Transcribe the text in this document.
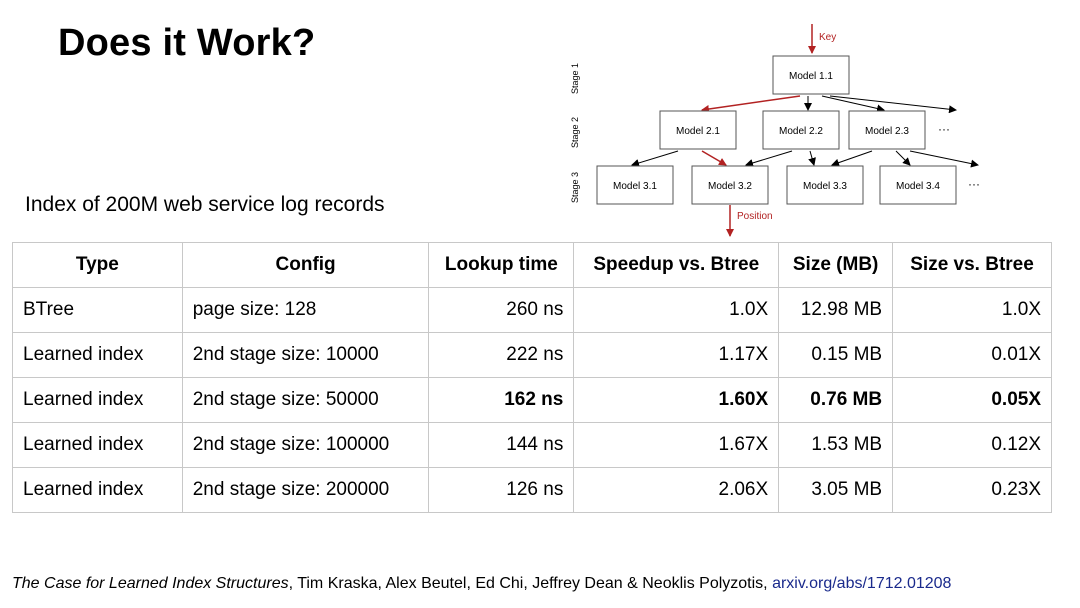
Does it Work?
Stage 1
Stage 2
Stage 3
Key
Model 1.1
Model 2.1	Model 2.2	Model 2.3 ···
Model 3.1	Model 3.2	Model 3.3	Model 3.4 ···
Position

Index of 200M web service log records

Type	Config	Lookup time	Speedup vs. Btree	Size (MB)	Size vs. Btree
BTree	page size: 128	260 ns	1.0X	12.98 MB	1.0X
Learned index	2nd stage size: 10000	222 ns	1.17X	0.15 MB	0.01X
Learned index	2nd stage size: 50000	162 ns	1.60X	0.76 MB	0.05X
Learned index	2nd stage size: 100000	144 ns	1.67X	1.53 MB	0.12X
Learned index	2nd stage size: 200000	126 ns	2.06X	3.05 MB	0.23X

The Case for Learned Index Structures, Tim Kraska, Alex Beutel, Ed Chi, Jeffrey Dean & Neoklis Polyzotis, arxiv.org/abs/1712.01208
